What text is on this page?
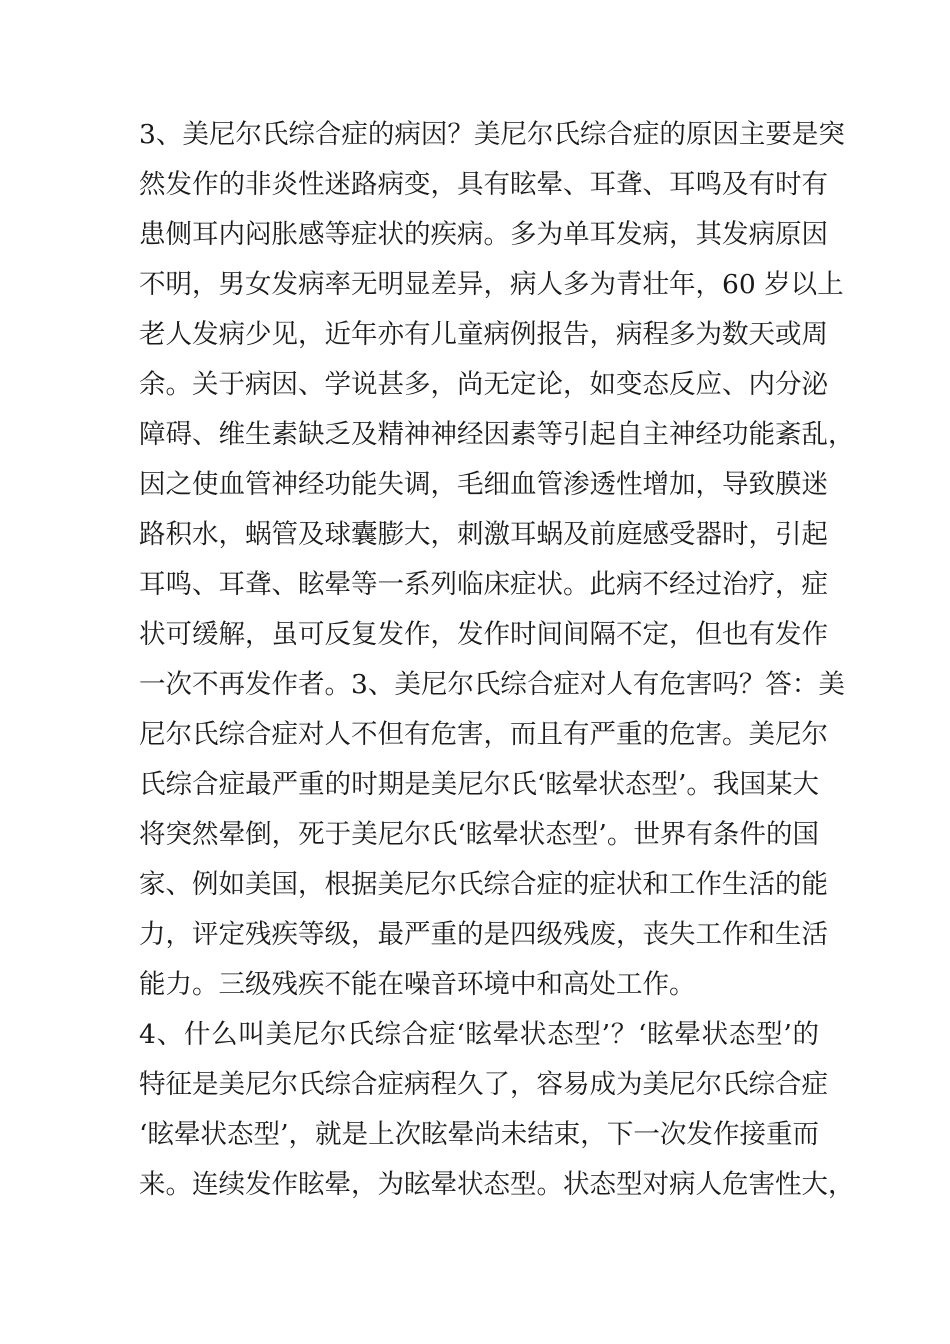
3、美尼尔氏综合症的病因？美尼尔氏综合症的原因主要是突
然发作的非炎性迷路病变，具有眩晕、耳聋、耳鸣及有时有
患侧耳内闷胀感等症状的疾病。多为单耳发病，其发病原因
不明，男女发病率无明显差异，病人多为青壮年，60 岁以上
老人发病少见，近年亦有儿童病例报告，病程多为数天或周
余。关于病因、学说甚多，尚无定论，如变态反应、内分泌
障碍、维生素缺乏及精神神经因素等引起自主神经功能紊乱，
因之使血管神经功能失调，毛细血管渗透性增加，导致膜迷
路积水，蜗管及球囊膨大，刺激耳蜗及前庭感受器时，引起
耳鸣、耳聋、眩晕等一系列临床症状。此病不经过治疗，症
状可缓解，虽可反复发作，发作时间间隔不定，但也有发作
一次不再发作者。3、美尼尔氏综合症对人有危害吗？答：美
尼尔氏综合症对人不但有危害，而且有严重的危害。美尼尔
氏综合症最严重的时期是美尼尔氏‘眩晕状态型’。我国某大
将突然晕倒，死于美尼尔氏‘眩晕状态型’。世界有条件的国
家、例如美国，根据美尼尔氏综合症的症状和工作生活的能
力，评定残疾等级，最严重的是四级残废，丧失工作和生活
能力。三级残疾不能在噪音环境中和高处工作。
4、什么叫美尼尔氏综合症‘眩晕状态型’？‘眩晕状态型’的
特征是美尼尔氏综合症病程久了，容易成为美尼尔氏综合症
‘眩晕状态型’，就是上次眩晕尚未结束，下一次发作接重而
来。连续发作眩晕，为眩晕状态型。状态型对病人危害性大，
